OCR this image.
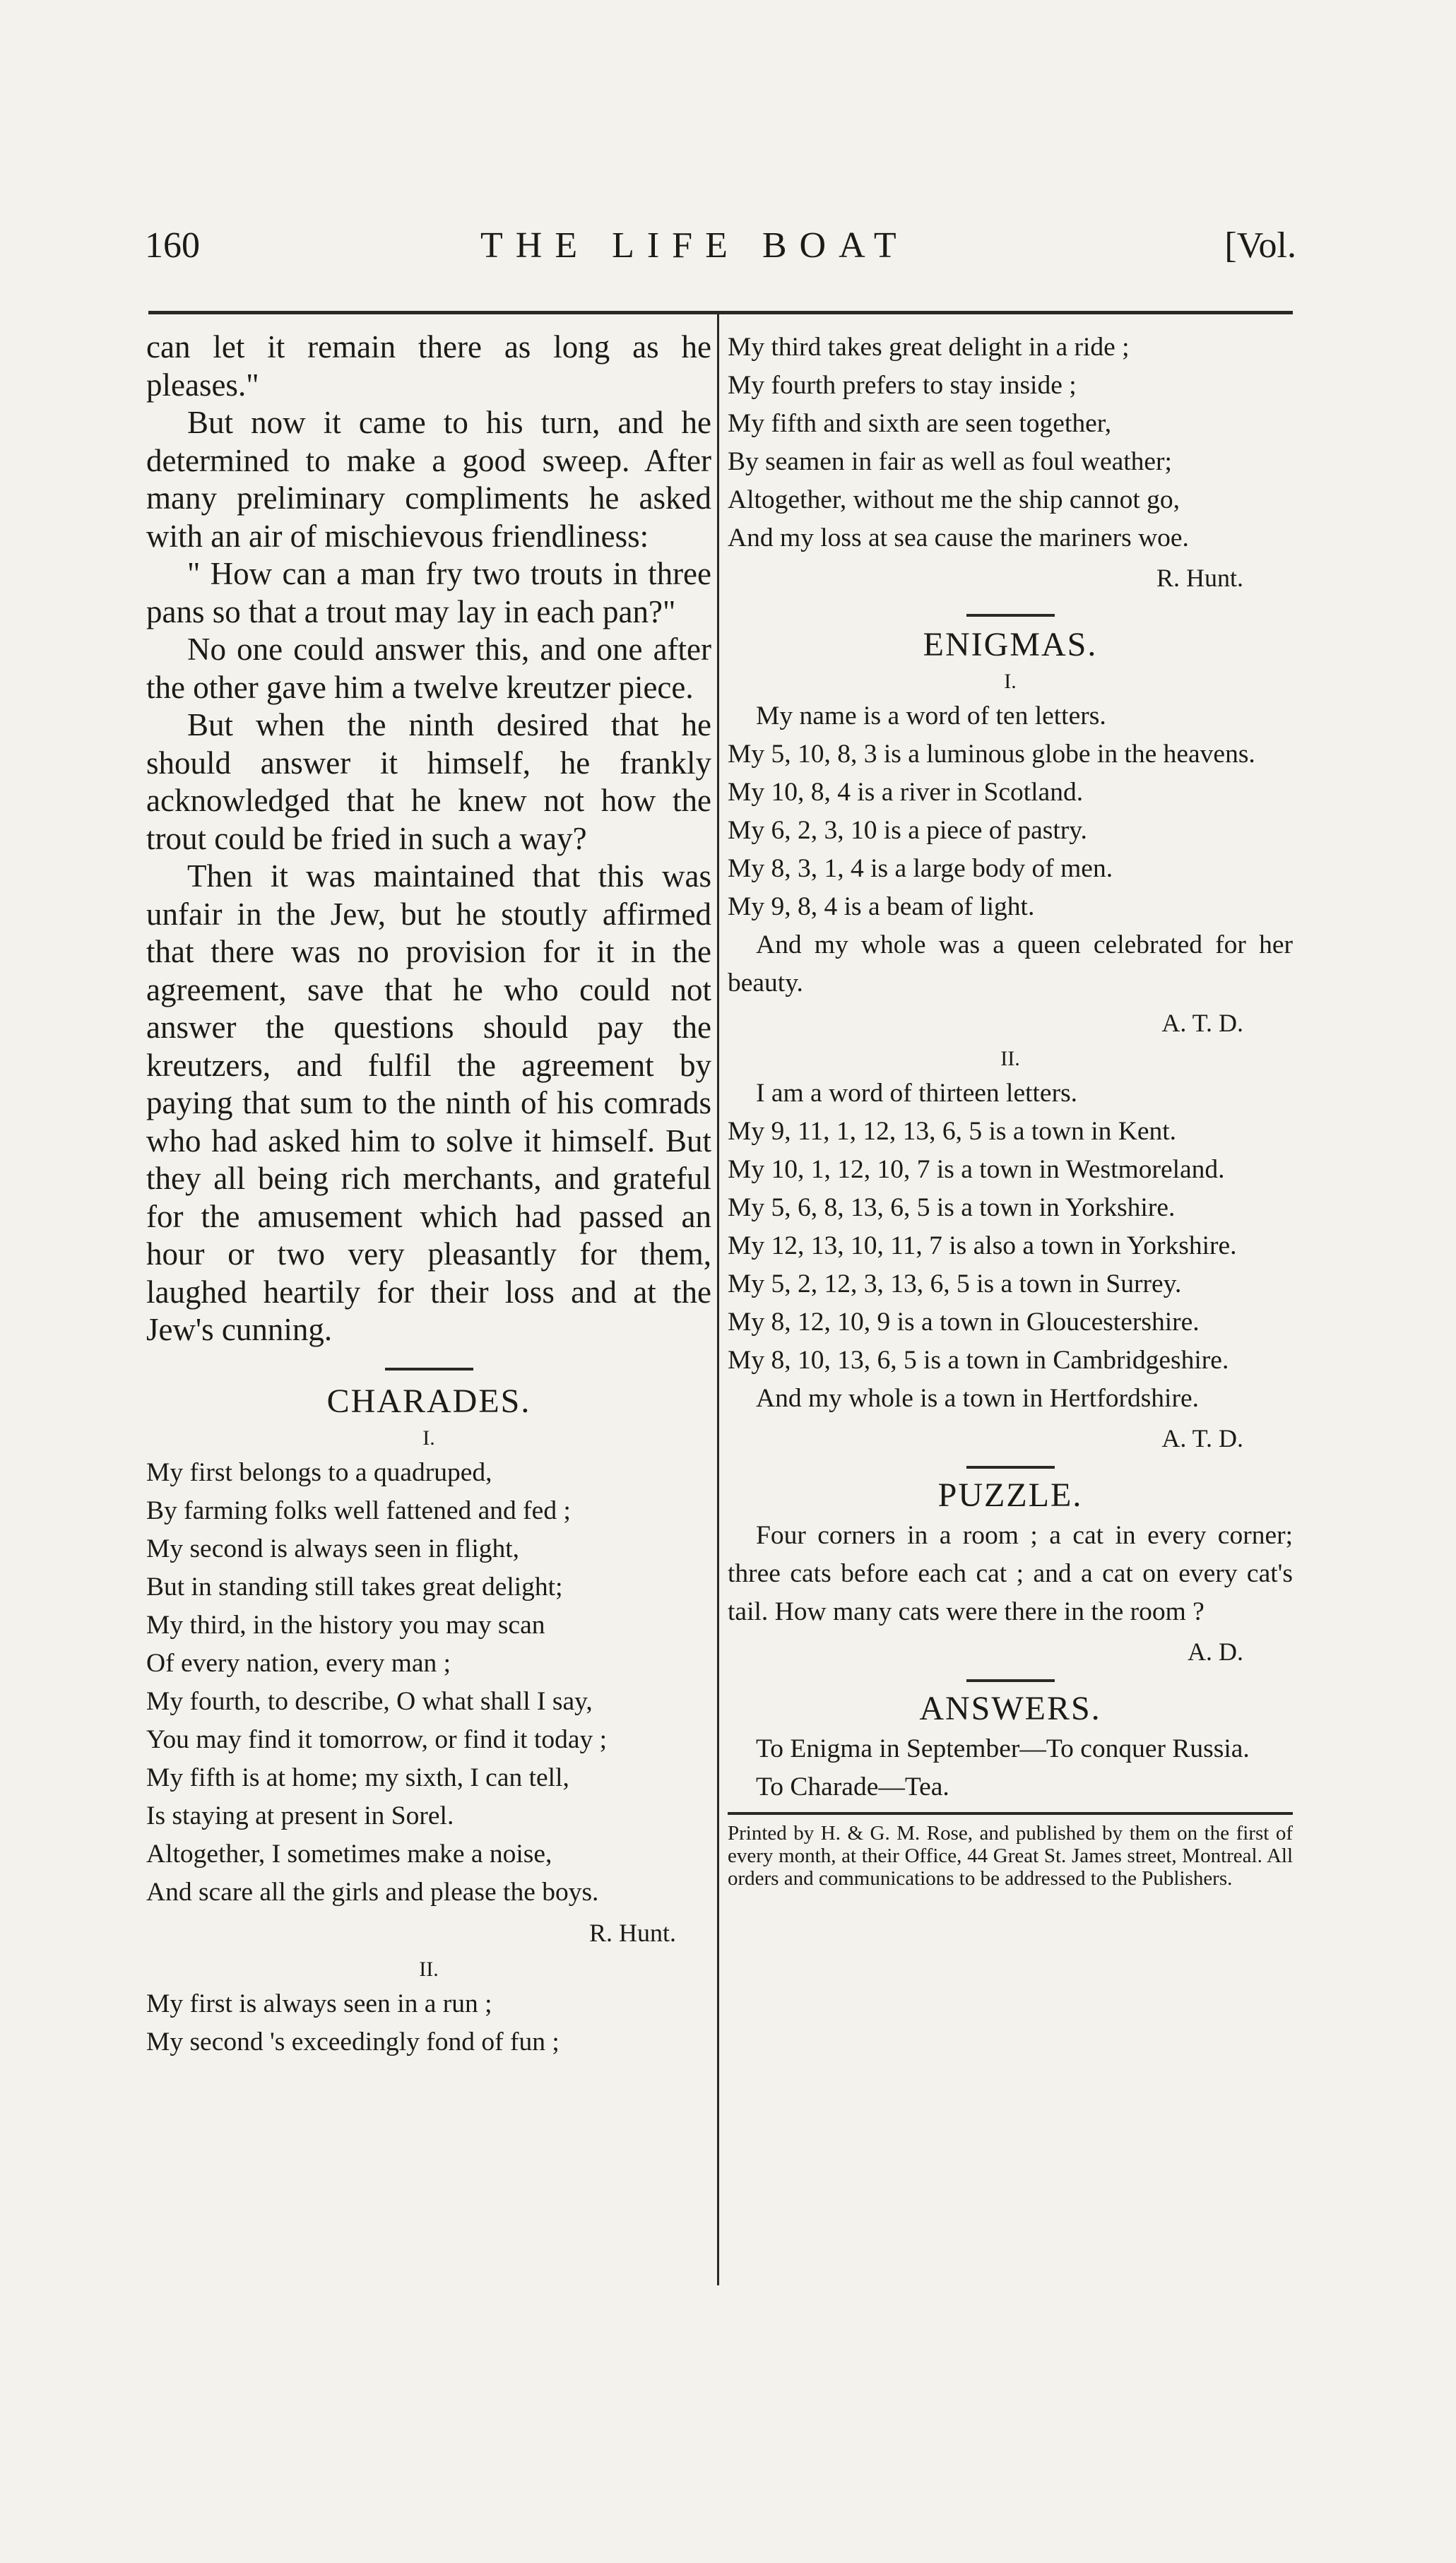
160	THE LIFE BOAT	[Vol.

can let it remain there as long as he pleases."

But now it came to his turn, and he determined to make a good sweep. After many preliminary compliments he asked with an air of mischievous friendliness:

" How can a man fry two trouts in three pans so that a trout may lay in each pan?"

No one could answer this, and one after the other gave him a twelve kreutzer piece.

But when the ninth desired that he should answer it himself, he frankly acknowledged that he knew not how the trout could be fried in such a way?

Then it was maintained that this was unfair in the Jew, but he stoutly affirmed that there was no provision for it in the agreement, save that he who could not answer the questions should pay the kreutzers, and fulfil the agreement by paying that sum to the ninth of his comrads who had asked him to solve it himself. But they all being rich merchants, and grateful for the amusement which had passed an hour or two very pleasantly for them, laughed heartily for their loss and at the Jew's cunning.

CHARADES.
I.
My first belongs to a quadruped,
By farming folks well fattened and fed ;
My second is always seen in flight,
But in standing still takes great delight;
My third, in the history you may scan
Of every nation, every man ;
My fourth, to describe, O what shall I say,
You may find it tomorrow, or find it today ;
My fifth is at home; my sixth, I can tell,
Is staying at present in Sorel.
Altogether, I sometimes make a noise,
And scare all the girls and please the boys.
R. Hunt.
II.
My first is always seen in a run ;
My second 's exceedingly fond of fun ;
My third takes great delight in a ride ;
My fourth prefers to stay inside ;
My fifth and sixth are seen together,
By seamen in fair as well as foul weather;
Altogether, without me the ship cannot go,
And my loss at sea cause the mariners woe.
R. Hunt.
ENIGMAS.
I.
My name is a word of ten letters.
My 5, 10, 8, 3 is a luminous globe in the heavens.
My 10, 8, 4 is a river in Scotland.
My 6, 2, 3, 10 is a piece of pastry.
My 8, 3, 1, 4 is a large body of men.
My 9, 8, 4 is a beam of light.
And my whole was a queen celebrated for her beauty.
A. T. D.
II.
I am a word of thirteen letters.
My 9, 11, 1, 12, 13, 6, 5 is a town in Kent.
My 10, 1, 12, 10, 7 is a town in Westmoreland.
My 5, 6, 8, 13, 6, 5 is a town in Yorkshire.
My 12, 13, 10, 11, 7 is also a town in Yorkshire.
My 5, 2, 12, 3, 13, 6, 5 is a town in Surrey.
My 8, 12, 10, 9 is a town in Gloucestershire.
My 8, 10, 13, 6, 5 is a town in Cambridgeshire.
And my whole is a town in Hertfordshire.
A. T. D.
PUZZLE.
Four corners in a room ; a cat in every corner; three cats before each cat ; and a cat on every cat's tail. How many cats were there in the room ?
A. D.
ANSWERS.
To Enigma in September—To conquer Russia.
To Charade—Tea.
Printed by H. & G. M. Rose, and published by them on the first of every month, at their Office, 44 Great St. James street, Montreal. All orders and communications to be addressed to the Publishers.
